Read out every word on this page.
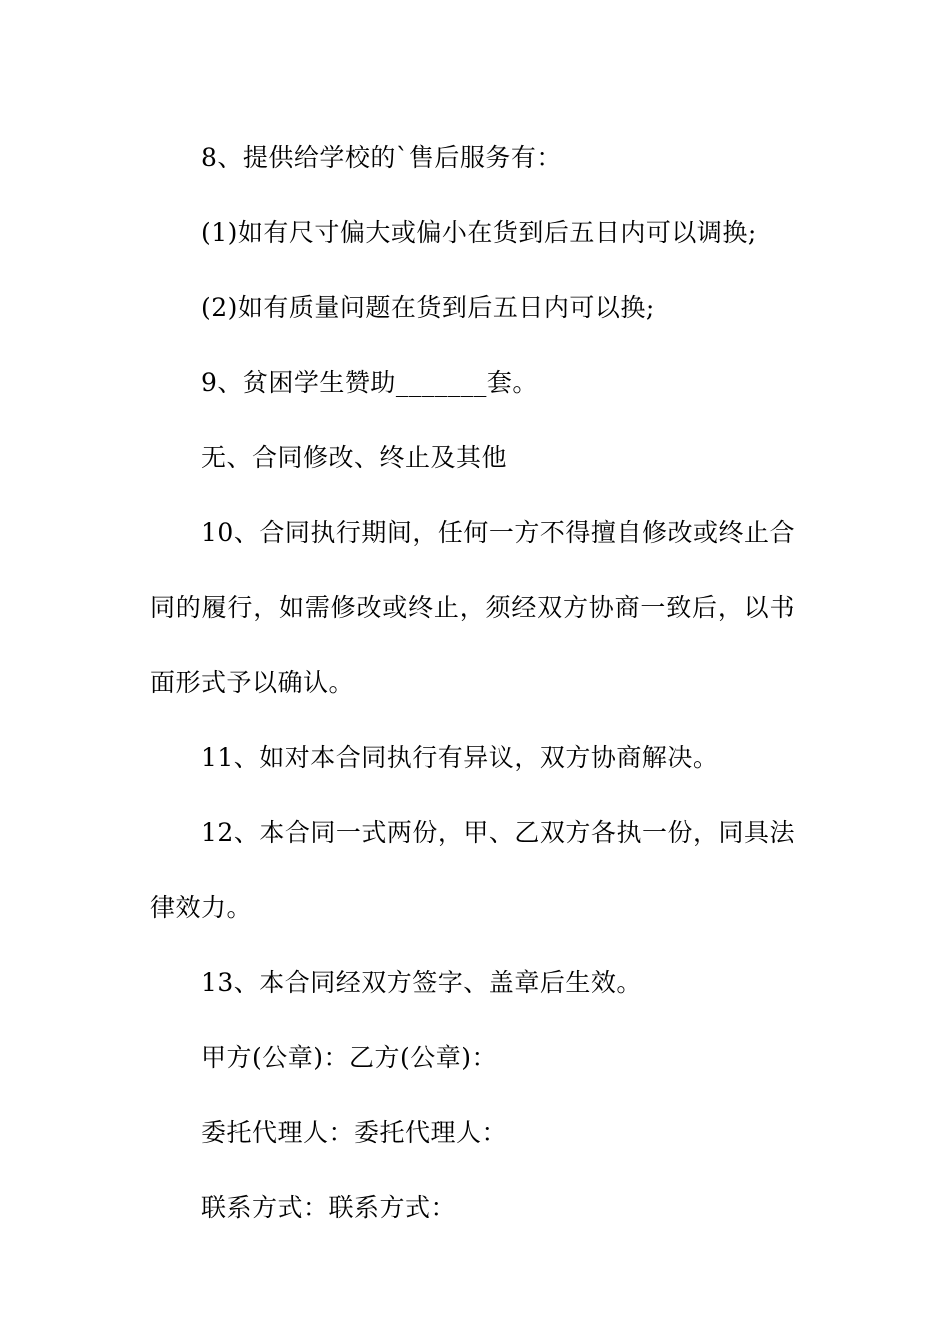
8、提供给学校的`售后服务有：

(1)如有尺寸偏大或偏小在货到后五日内可以调换;

(2)如有质量问题在货到后五日内可以换;

9、贫困学生赞助_______套。

无、合同修改、终止及其他

10、合同执行期间，任何一方不得擅自修改或终止合同的履行，如需修改或终止，须经双方协商一致后，以书面形式予以确认。

11、如对本合同执行有异议，双方协商解决。

12、本合同一式两份，甲、乙双方各执一份，同具法律效力。

13、本合同经双方签字、盖章后生效。

甲方(公章)：乙方(公章)：

委托代理人：委托代理人：

联系方式：联系方式：
